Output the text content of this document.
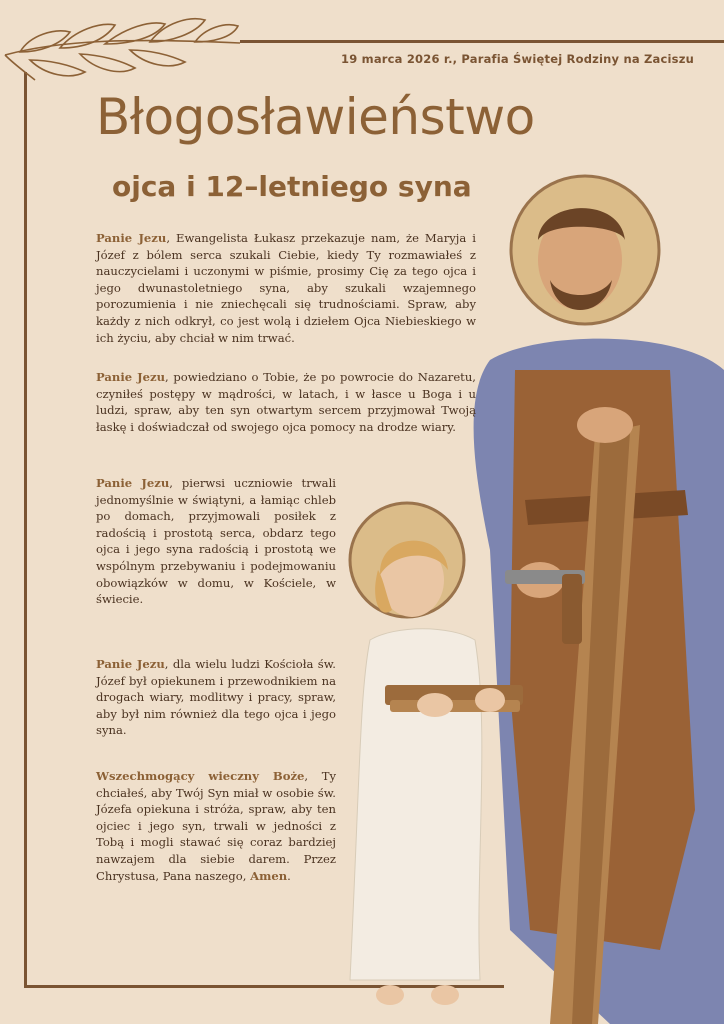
19 marca 2026 r., Parafia Świętej Rodziny na Zaciszu
Błogosławieństwo
ojca i 12–letniego syna

Panie Jezu, Ewangelista Łukasz przekazuje nam, że Maryja i Józef z bólem serca szukali Ciebie, kiedy Ty rozmawiałeś z nauczycielami i uczonymi w piśmie, prosimy Cię za tego ojca i jego dwunastoletniego syna, aby szukali wzajemnego porozumienia i nie zniechęcali się trudnościami. Spraw, aby każdy z nich odkrył, co jest wolą i dziełem Ojca Niebieskiego w ich życiu, aby chciał w nim trwać.

Panie Jezu, powiedziano o Tobie, że po powrocie do Nazaretu, czyniłeś postępy w mądrości, w latach, i w łasce u Boga i u ludzi, spraw, aby ten syn otwartym sercem przyjmował Twoją łaskę i doświadczał od swojego ojca pomocy na drodze wiary.

Panie Jezu, pierwsi uczniowie trwali jednomyślnie w świątyni, a łamiąc chleb po domach, przyjmowali posiłek z radością i prostotą serca, obdarz tego ojca i jego syna radością i prostotą we wspólnym przebywaniu i podejmowaniu obowiązków w domu, w Kościele, w świecie.

Panie Jezu, dla wielu ludzi Kościoła św. Józef był opiekunem i przewodnikiem na drogach wiary, modlitwy i pracy, spraw, aby był nim również dla tego ojca i jego syna.

Wszechmogący wieczny Boże, Ty chciałeś, aby Twój Syn miał w osobie św. Józefa opiekuna i stróża, spraw, aby ten ojciec i jego syn, trwali w jedności z Tobą i mogli stawać się coraz bardziej nawzajem dla siebie darem. Przez Chrystusa, Pana naszego, Amen.
